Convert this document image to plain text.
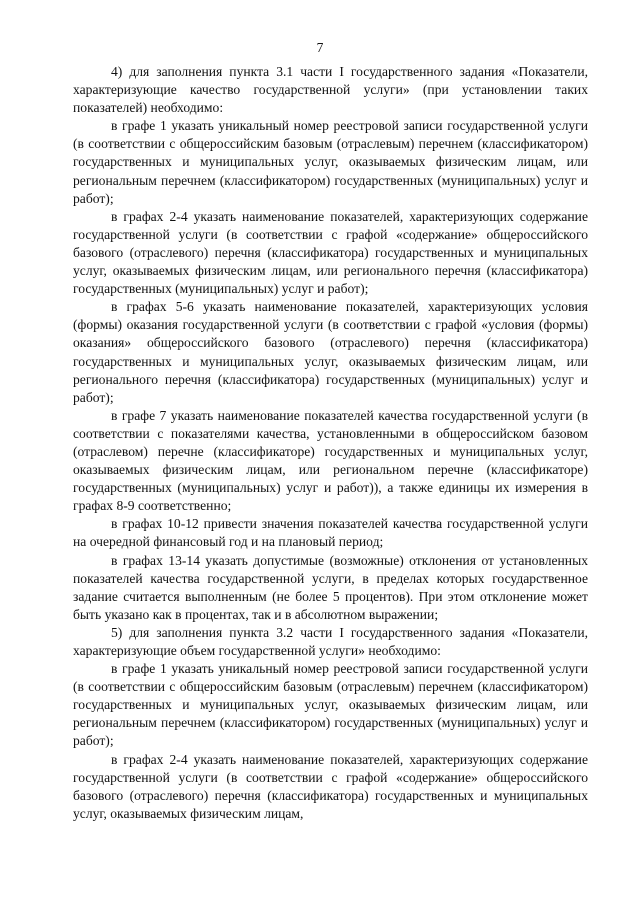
7

4) для заполнения пункта 3.1 части I государственного задания «Показатели, характеризующие качество государственной услуги» (при установлении таких показателей) необходимо:

в графе 1 указать уникальный номер реестровой записи государственной услуги (в соответствии с общероссийским базовым (отраслевым) перечнем (классификатором) государственных и муниципальных услуг, оказываемых физическим лицам, или региональным перечнем (классификатором) государственных (муниципальных) услуг и работ);

в графах 2-4 указать наименование показателей, характеризующих содержание государственной услуги (в соответствии с графой «содержание» общероссийского базового (отраслевого) перечня (классификатора) государственных и муниципальных услуг, оказываемых физическим лицам, или регионального перечня (классификатора) государственных (муниципальных) услуг и работ);

в графах 5-6 указать наименование показателей, характеризующих условия (формы) оказания государственной услуги (в соответствии с графой «условия (формы) оказания» общероссийского базового (отраслевого) перечня (классификатора) государственных и муниципальных услуг, оказываемых физическим лицам, или регионального перечня (классификатора) государственных (муниципальных) услуг и работ);

в графе 7 указать наименование показателей качества государственной услуги (в соответствии с показателями качества, установленными в общероссийском базовом (отраслевом) перечне (классификаторе) государственных и муниципальных услуг, оказываемых физическим лицам, или региональном перечне (классификаторе) государственных (муниципальных) услуг и работ)), а также единицы их измерения в графах 8-9 соответственно;

в графах 10-12 привести значения показателей качества государственной услуги на очередной финансовый год и на плановый период;

в графах 13-14 указать допустимые (возможные) отклонения от установленных показателей качества государственной услуги, в пределах которых государственное задание считается выполненным (не более 5 процентов). При этом отклонение может быть указано как в процентах, так и в абсолютном выражении;

5) для заполнения пункта 3.2 части I государственного задания «Показатели, характеризующие объем государственной услуги» необходимо:

в графе 1 указать уникальный номер реестровой записи государственной услуги (в соответствии с общероссийским базовым (отраслевым) перечнем (классификатором) государственных и муниципальных услуг, оказываемых физическим лицам, или региональным перечнем (классификатором) государственных (муниципальных) услуг и работ);

в графах 2-4 указать наименование показателей, характеризующих содержание государственной услуги (в соответствии с графой «содержание» общероссийского базового (отраслевого) перечня (классификатора) государственных и муниципальных услуг, оказываемых физическим лицам,
